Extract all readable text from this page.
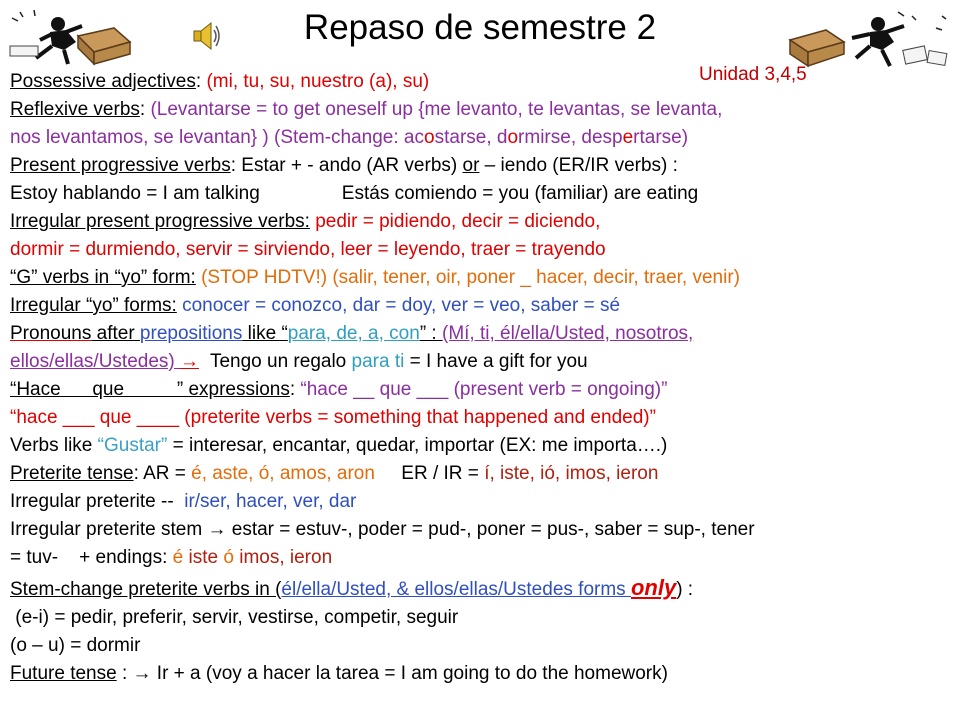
Repaso de semestre 2
Unidad 3,4,5
Possessive adjectives: (mi, tu, su, nuestro (a), su)
Reflexive verbs: (Levantarse = to get oneself up {me levanto, te levantas, se levanta,
nos levantamos, se levantan} ) (Stem-change: acostarse, dormirse, despertarse)
Present progressive verbs: Estar + - ando (AR verbs) or – iendo (ER/IR verbs) :
Estoy hablando = I am talking	Estás comiendo = you (familiar) are eating
Irregular present progressive verbs: pedir = pidiendo, decir = diciendo,
dormir = durmiendo, servir = sirviendo, leer = leyendo, traer = trayendo
“G” verbs in “yo” form: (STOP HDTV!) (salir, tener, oir, poner _ hacer, decir, traer, venir)
Irregular “yo” forms: conocer = conozco, dar = doy, ver = veo, saber = sé
Pronouns after prepositions like “para, de, a, con” : (Mí, ti, él/ella/Usted, nosotros,
ellos/ellas/Ustedes) → Tengo un regalo para ti = I have a gift for you
“Hace      que          ” expressions: “hace __ que ___ (present verb = ongoing)”
“hace ___ que ____ (preterite verbs = something that happened and ended)”
Verbs like “Gustar” = interesar, encantar, quedar, importar (EX: me importa….)
Preterite tense: AR = é, aste, ó, amos, aron     ER / IR = í, iste, ió, imos, ieron
Irregular preterite --  ir/ser, hacer, ver, dar
Irregular preterite stem → estar = estuv-, poder = pud-, poner = pus-, saber = sup-, tener
= tuv-    + endings: é iste ó imos, ieron
Stem-change preterite verbs in (él/ella/Usted, & ellos/ellas/Ustedes forms only) :
(e-i) = pedir, preferir, servir, vestirse, competir, seguir
(o – u) = dormir
Future tense : → Ir + a (voy a hacer la tarea = I am going to do the homework)
